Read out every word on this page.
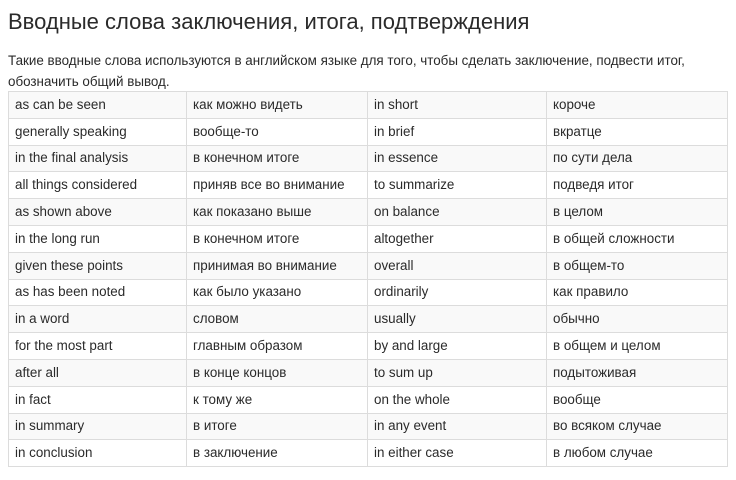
Вводные слова заключения, итога, подтверждения

Такие вводные слова используются в английском языке для того, чтобы сделать заключение, подвести итог, обозначить общий вывод.

as can be seen	как можно видеть	in short	короче
generally speaking	вообще-то	in brief	вкратце
in the final analysis	в конечном итоге	in essence	по сути дела
all things considered	приняв все во внимание	to summarize	подведя итог
as shown above	как показано выше	on balance	в целом
in the long run	в конечном итоге	altogether	в общей сложности
given these points	принимая во внимание	overall	в общем-то
as has been noted	как было указано	ordinarily	как правило
in a word	словом	usually	обычно
for the most part	главным образом	by and large	в общем и целом
after all	в конце концов	to sum up	подытоживая
in fact	к тому же	on the whole	вообще
in summary	в итоге	in any event	во всяком случае
in conclusion	в заключение	in either case	в любом случае
